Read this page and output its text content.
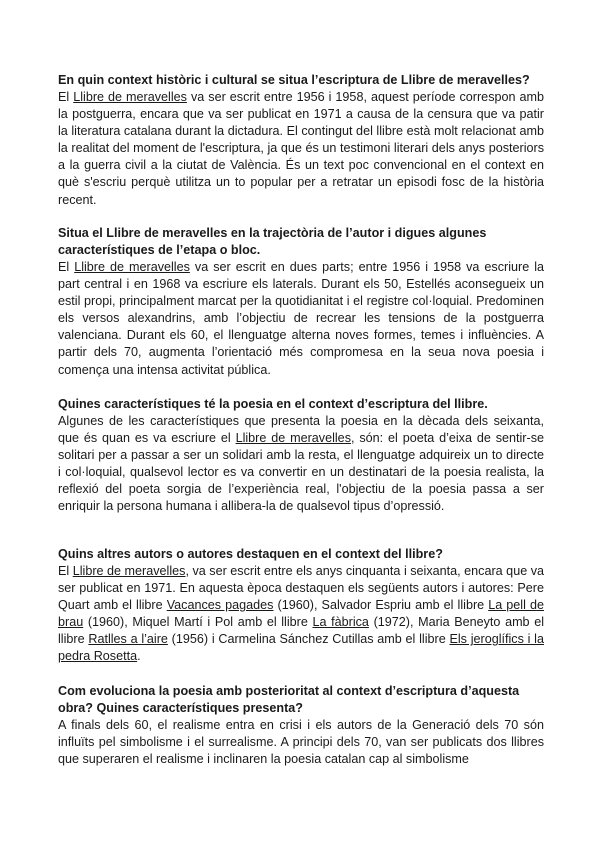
En quin context històric i cultural se situa l’escriptura de Llibre de meravelles?

El Llibre de meravelles va ser escrit entre 1956 i 1958, aquest període correspon amb la postguerra, encara que va ser publicat en 1971 a causa de la censura que va patir la literatura catalana durant la dictadura. El contingut del llibre està molt relacionat amb la realitat del moment de l'escriptura, ja que és un testimoni literari dels anys posteriors a la guerra civil a la ciutat de València. És un text poc convencional en el context en què s'escriu perquè utilitza un to popular per a retratar un episodi fosc de la història recent.

Situa el Llibre de meravelles en la trajectòria de l’autor i digues algunes característiques de l’etapa o bloc.

El Llibre de meravelles va ser escrit en dues parts; entre 1956 i 1958 va escriure la part central i en 1968 va escriure els laterals. Durant els 50, Estellés aconsegueix un estil propi, principalment marcat per la quotidianitat i el registre col·loquial. Predominen els versos alexandrins, amb l’objectiu de recrear les tensions de la postguerra valenciana. Durant els 60, el llenguatge alterna noves formes, temes i influències. A partir dels 70, augmenta l’orientació més compromesa en la seua nova poesia i comença una intensa activitat pública.

Quines característiques té la poesia en el context d’escriptura del llibre.

Algunes de les característiques que presenta la poesia en la dècada dels seixanta, que és quan es va escriure el Llibre de meravelles, són: el poeta d’eixa de sentir-se solitari per a passar a ser un solidari amb la resta, el llenguatge adquireix un to directe i col·loquial, qualsevol lector es va convertir en un destinatari de la poesia realista, la reflexió del poeta sorgia de l’experiència real, l'objectiu de la poesia passa a ser enriquir la persona humana i allibera-la de qualsevol tipus d’opressió.

Quins altres autors o autores destaquen en el context del llibre?

El Llibre de meravelles, va ser escrit entre els anys cinquanta i seixanta, encara que va ser publicat en 1971. En aquesta època destaquen els següents autors i autores: Pere Quart amb el llibre Vacances pagades (1960), Salvador Espriu amb el llibre La pell de brau (1960), Miquel Martí i Pol amb el llibre La fàbrica (1972), Maria Beneyto amb el llibre Ratlles a l’aire (1956) i Carmelina Sánchez Cutillas amb el llibre Els jeroglífics i la pedra Rosetta.

Com evoluciona la poesia amb posterioritat al context d’escriptura d’aquesta obra? Quines característiques presenta?

A finals dels 60, el realisme entra en crisi i els autors de la Generació dels 70 són influïts pel simbolisme i el surrealisme. A principi dels 70, van ser publicats dos llibres que superaren el realisme i inclinaren la poesia catalan cap al simbolisme
